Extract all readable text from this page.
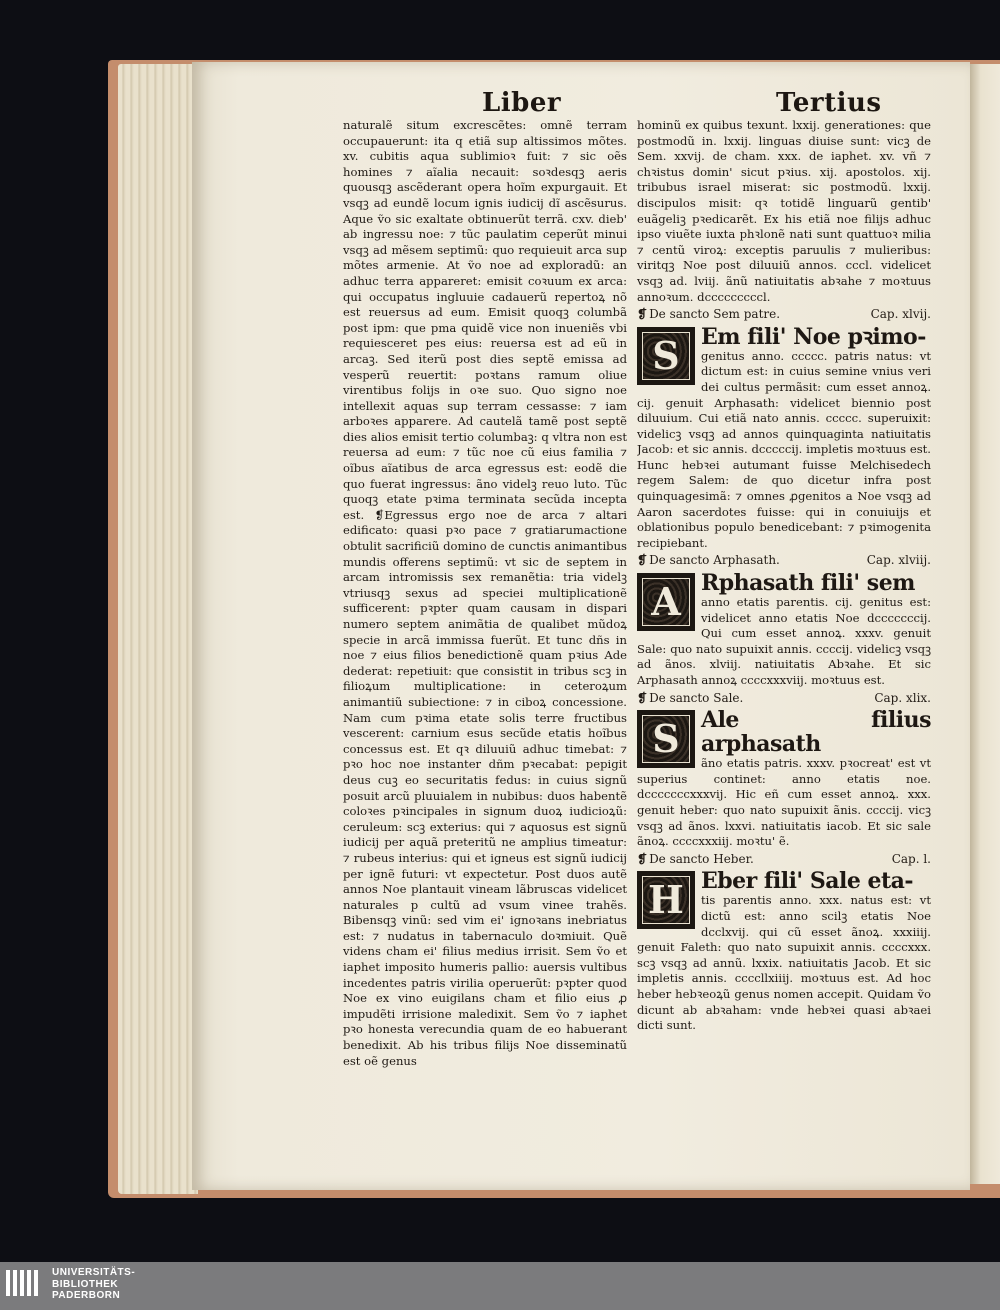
Liber	Tertius

naturalẽ situm excrescẽtes: omnẽ terram occupauerunt: ita q etiã sup altissimos mõtes. xv. cubitis aqua sublimioꝛ fuit: ⁊ sic oẽs homines ⁊ aĩalia necauit: soꝛdesqꝫ aeris quousqꝫ ascẽderant opera hoĩm expurgauit. Et vsqꝫ ad eundẽ locum ignis iudicij dĩ ascẽsurus. Aque ṽo sic exaltate obtinuerũt terrã. cxv. dieb' ab ingressu noe: ⁊ tũc paulatim ceperũt minui vsqꝫ ad mẽsem septimũ: quo requieuit arca sup mõtes armenie. At ṽo noe ad exploradũ: an adhuc terra appareret: emisit coꝛuum ex arca: qui occupatus ingluuie cadauerũ repertoꝝ nõ est reuersus ad eum. Emisit quoqꝫ columbã post ipm: que pma quidẽ vice non inueniẽs vbi requiesceret pes eius: reuersa est ad eũ in arcaꝫ. Sed iterũ post dies septẽ emissa ad vesperũ reuertit: poꝛtans ramum oliue virentibus folijs in oꝛe suo. Quo signo noe intellexit aquas sup terram cessasse: ⁊ iam arboꝛes apparere. Ad cautelã tamẽ post septẽ dies alios emisit tertio columbaꝫ: q vltra non est reuersa ad eum: ⁊ tũc noe cũ eius familia ⁊ oĩbus aĩatibus de arca egressus est: eodẽ die quo fuerat ingressus: ãno videlꝫ reuo luto. Tũc quoqꝫ etate pꝛima terminata secũda incepta est. ❡Egressus ergo noe de arca ⁊ altari edificato: quasi pꝛo pace ⁊ gratiarumactione obtulit sacrificiũ domino de cunctis animantibus mundis offerens septimũ: vt sic de septem in arcam intromissis sex remanẽtia: tria videlꝫ vtriusqꝫ sexus ad speciei multiplicationẽ sufficerent: pꝛpter quam causam in dispari numero septem animãtia de qualibet mũdoꝝ specie in arcã immissa fuerũt. Et tunc dñs in noe ⁊ eius filios benedictionẽ quam pꝛius Ade dederat: repetiuit: que consistit in tribus scꝫ in filioꝝum multiplicatione: in ceteroꝝum animantiũ subiectione: ⁊ in ciboꝝ concessione. Nam cum pꝛima etate solis terre fructibus vescerent: carnium esus secũde etatis hoĩbus concessus est. Et qꝛ diluuiũ adhuc timebat: ⁊ pꝛo hoc noe instanter dñm pꝛecabat: pepigit deus cuꝫ eo securitatis fedus: in cuius signũ posuit arcũ pluuialem in nubibus: duos habentẽ coloꝛes pꝛincipales in signum duoꝝ iudicioꝝũ: ceruleum: scꝫ exterius: qui ⁊ aquosus est signũ iudicij per aquã preteritũ ne amplius timeatur: ⁊ rubeus interius: qui et igneus est signũ iudicij per ignẽ futuri: vt expectetur. Post duos autẽ annos Noe plantauit vineam lãbruscas videlicet naturales p cultũ ad vsum vinee trahẽs. Bibensqꝫ vinũ: sed vim ei' ignoꝛans inebriatus est: ⁊ nudatus in tabernaculo doꝛmiuit. Quẽ videns cham ei' filius medius irrisit. Sem ṽo et iaphet imposito humeris pallio: auersis vultibus incedentes patris virilia operuerũt: pꝛpter quod Noe ex vino euigilans cham et filio eius ꝓ impudẽti irrisione maledixit. Sem ṽo ⁊ iaphet pꝛo honesta verecundia quam de eo habuerant benedixit. Ab his tribus filijs Noe disseminatũ est oẽ genus

hominũ ex quibus texunt. lxxij. generationes: que postmodũ in. lxxij. linguas diuise sunt: vicꝫ de Sem. xxvij. de cham. xxx. de iaphet. xv. vñ ⁊ chꝛistus domin' sicut pꝛius. xij. apostolos. xij. tribubus israel miserat: sic postmodũ. lxxij. discipulos misit: qꝛ totidẽ linguarũ gentib' euãgeliꝫ pꝛedicarẽt. Ex his etiã noe filijs adhuc ipso viuẽte iuxta phꝛlonẽ nati sunt quattuoꝛ milia ⁊ centũ viroꝝ: exceptis paruulis ⁊ mulieribus: viritqꝫ Noe post diluuiũ annos. cccl. videlicet vsqꝫ ad. lviij. ãnũ natiuitatis abꝛahe ⁊ moꝛtuus annoꝛum. dcccccccccl.

❡ De sancto Sem patre.	Cap. xlvij.
S Em fili' Noe pꝛimo-
genitus anno. ccccc. patris natus: vt dictum est: in cuius semine vnius veri dei cultus permãsit: cum esset annoꝝ. cij. genuit Arphasath: videlicet biennio post diluuium. Cui etiã nato annis. ccccc. superuixit: videlicꝫ vsqꝫ ad annos quinquaginta natiuitatis Jacob: et sic annis. dcccccij. impletis moꝛtuus est. Hunc hebꝛei autumant fuisse Melchisedech regem Salem: de quo dicetur infra post quinquagesimã: ⁊ omnes ꝓgenitos a Noe vsqꝫ ad Aaron sacerdotes fuisse: qui in conuiuijs et oblationibus populo benedicebant: ⁊ pꝛimogenita recipiebant.
❡ De sancto Arphasath.	Cap. xlviij.
A Rphasath fili' sem
anno etatis parentis. cij. genitus est: videlicet anno etatis Noe dcccccccij. Qui cum esset annoꝝ. xxxv. genuit Sale: quo nato supuixit annis. ccccij. videlicꝫ vsqꝫ ad ãnos. xlviij. natiuitatis Abꝛahe. Et sic Arphasath annoꝝ ccccxxxviij. moꝛtuus est.
❡ De sancto Sale.	Cap. xlix.
S Ale filius arphasath
ãno etatis patris. xxxv. pꝛocreat' est vt superius continet: anno etatis noe. dcccccccxxxvij. Hic eñ cum esset annoꝝ. xxx. genuit heber: quo nato supuixit ãnis. ccccij. vicꝫ vsqꝫ ad ãnos. lxxvi. natiuitatis iacob. Et sic sale ãnoꝝ. ccccxxxiij. moꝛtu' ẽ.
❡ De sancto Heber.	Cap. l.
H Eber fili' Sale eta-
tis parentis anno. xxx. natus est: vt dictũ est: anno scilꝫ etatis Noe dcclxvij. qui cũ esset ãnoꝝ. xxxiiij. genuit Faleth: quo nato supuixit annis. ccccxxx. scꝫ vsqꝫ ad annũ. lxxix. natiuitatis Jacob. Et sic impletis annis. ccccllxiiij. moꝛtuus est. Ad hoc heber hebꝛeoꝝũ genus nomen accepit. Quidam ṽo dicunt ab abꝛaham: vnde hebꝛei quasi abꝛaei dicti sunt.
UNIVERSITÄTS-
BIBLIOTHEK
PADERBORN
